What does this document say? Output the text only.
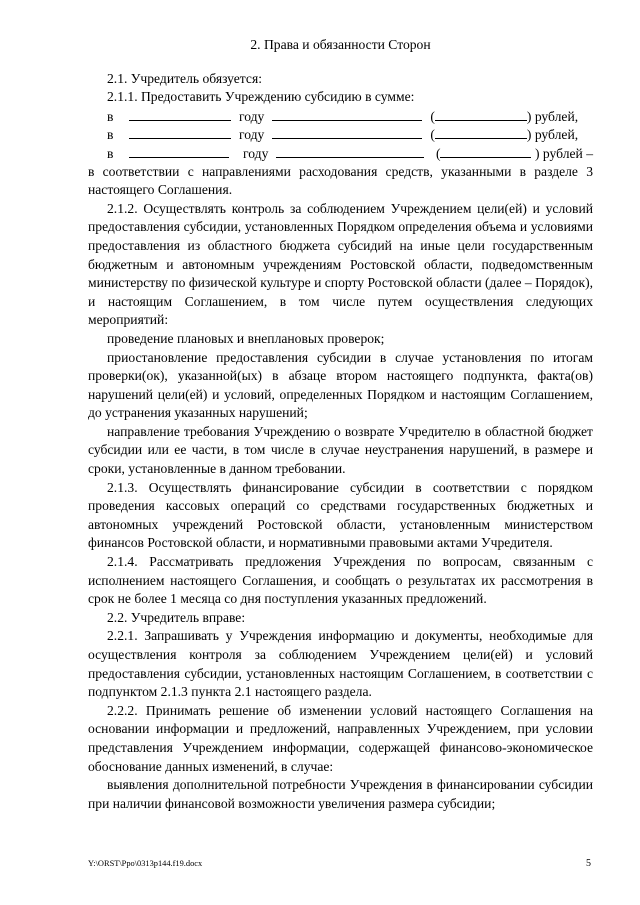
2. Права и обязанности Сторон

2.1. Учредитель обязуется:

2.1.1. Предоставить Учреждению субсидию в сумме:

в	году	(	) рублей,
в	году	(	) рублей,
в	году	(	) рублей –

в соответствии с направлениями расходования средств, указанными в разделе 3 настоящего Соглашения.

2.1.2. Осуществлять контроль за соблюдением Учреждением цели(ей) и условий предоставления субсидии, установленных Порядком определения объема и условиями предоставления из областного бюджета субсидий на иные цели государственным бюджетным и автономным учреждениям Ростовской области, подведомственным министерству по физической культуре и спорту Ростовской области (далее – Порядок), и настоящим Соглашением, в том числе путем осуществления следующих мероприятий:

проведение плановых и внеплановых проверок;

приостановление предоставления субсидии в случае установления по итогам проверки(ок), указанной(ых) в абзаце втором настоящего подпункта, факта(ов) нарушений цели(ей) и условий, определенных Порядком и настоящим Соглашением, до устранения указанных нарушений;

направление требования Учреждению о возврате Учредителю в областной бюджет субсидии или ее части, в том числе в случае неустранения нарушений, в размере и сроки, установленные в данном требовании.

2.1.3. Осуществлять финансирование субсидии в соответствии с порядком проведения кассовых операций со средствами государственных бюджетных и автономных учреждений Ростовской области, установленным министерством финансов Ростовской области, и нормативными правовыми актами Учредителя.

2.1.4. Рассматривать предложения Учреждения по вопросам, связанным с исполнением настоящего Соглашения, и сообщать о результатах их рассмотрения в срок не более 1 месяца со дня поступления указанных предложений.

2.2. Учредитель вправе:

2.2.1. Запрашивать у Учреждения информацию и документы, необходимые для осуществления контроля за соблюдением Учреждением цели(ей) и условий предоставления субсидии, установленных настоящим Соглашением, в соответствии с подпунктом 2.1.3 пункта 2.1 настоящего раздела.

2.2.2. Принимать решение об изменении условий настоящего Соглашения на основании информации и предложений, направленных Учреждением, при условии представления Учреждением информации, содержащей финансово-экономическое обоснование данных изменений, в случае:

выявления дополнительной потребности Учреждения в финансировании субсидии при наличии финансовой возможности увеличения размера субсидии;

Y:\ORST\Ppo\0313p144.f19.docx	5
